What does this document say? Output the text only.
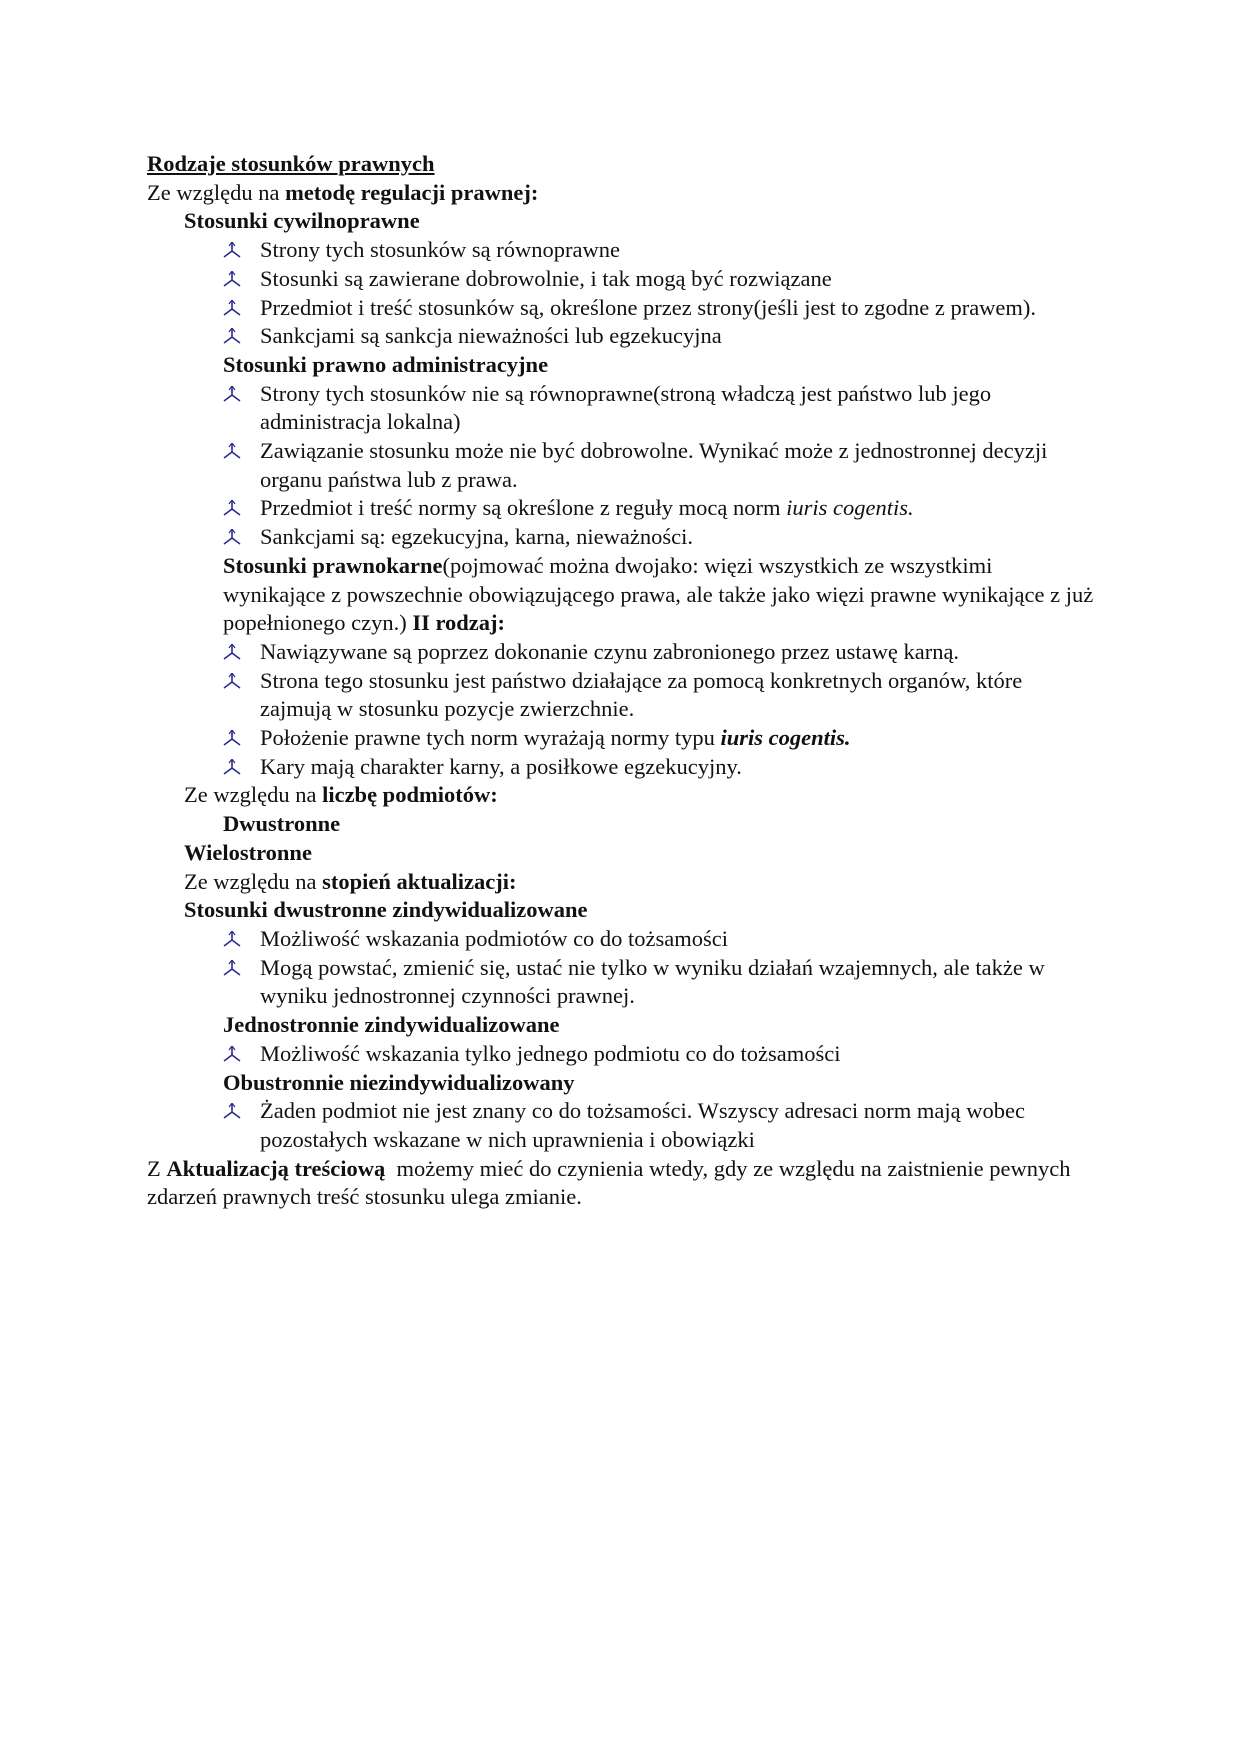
Rodzaje stosunków prawnych
Ze względu na metodę regulacji prawnej:
Stosunki cywilnoprawne
Strony tych stosunków są równoprawne
Stosunki są zawierane dobrowolnie, i tak mogą być rozwiązane
Przedmiot i treść stosunków są, określone przez strony(jeśli jest to zgodne z prawem).
Sankcjami są sankcja nieważności lub egzekucyjna
Stosunki prawno administracyjne
Strony tych stosunków nie są równoprawne(stroną władczą jest państwo lub jego administracja lokalna)
Zawiązanie stosunku może nie być dobrowolne. Wynikać może z jednostronnej decyzji organu państwa lub z prawa.
Przedmiot i treść normy są określone z reguły mocą norm iuris cogentis.
Sankcjami są: egzekucyjna, karna, nieważności.
Stosunki prawnokarne(pojmować można dwojako: więzi wszystkich ze wszystkimi wynikające z powszechnie obowiązującego prawa, ale także jako więzi prawne wynikające z już popełnionego czyn.) II rodzaj:
Nawiązywane są poprzez dokonanie czynu zabronionego przez ustawę karną.
Strona tego stosunku jest państwo działające za pomocą konkretnych organów, które zajmują w stosunku pozycje zwierzchnie.
Położenie prawne tych norm wyrażają normy typu iuris cogentis.
Kary mają charakter karny, a posiłkowe egzekucyjny.
Ze względu na liczbę podmiotów:
Dwustronne
Wielostronne
Ze względu na stopień aktualizacji:
Stosunki dwustronne zindywidualizowane
Możliwość wskazania podmiotów co do tożsamości
Mogą powstać, zmienić się, ustać nie tylko w wyniku działań wzajemnych, ale także w wyniku jednostronnej czynności prawnej.
Jednostronnie zindywidualizowane
Możliwość wskazania tylko jednego podmiotu co do tożsamości
Obustronnie niezindywidualizowany
Żaden podmiot nie jest znany co do tożsamości. Wszyscy adresaci norm mają wobec pozostałych wskazane w nich uprawnienia i obowiązki
Z Aktualizacją treściową  możemy mieć do czynienia wtedy, gdy ze względu na zaistnienie pewnych zdarzeń prawnych treść stosunku ulega zmianie.
